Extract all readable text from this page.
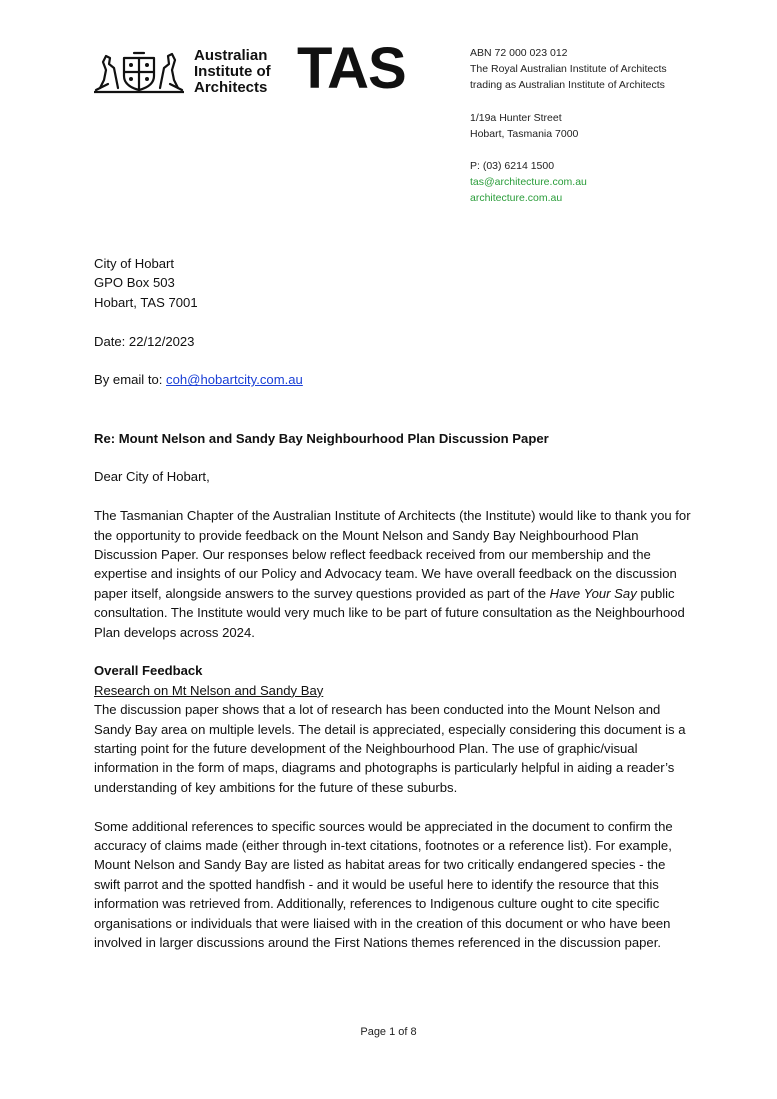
Australian
Institute of
Architects TAS	ABN 72 000 023 012
The Royal Australian Institute of Architects
trading as Australian Institute of Architects
1/19a Hunter Street
Hobart, Tasmania 7000
P: (03) 6214 1500
tas@architecture.com.au
architecture.com.au

City of Hobart

GPO Box 503

Hobart, TAS 7001

Date: 22/12/2023

By email to: coh@hobartcity.com.au

Re: Mount Nelson and Sandy Bay Neighbourhood Plan Discussion Paper

Dear City of Hobart,

The Tasmanian Chapter of the Australian Institute of Architects (the Institute) would like to thank you for the opportunity to provide feedback on the Mount Nelson and Sandy Bay Neighbourhood Plan Discussion Paper. Our responses below reflect feedback received from our membership and the expertise and insights of our Policy and Advocacy team. We have overall feedback on the discussion paper itself, alongside answers to the survey questions provided as part of the Have Your Say public consultation. The Institute would very much like to be part of future consultation as the Neighbourhood Plan develops across 2024.

Overall Feedback

Research on Mt Nelson and Sandy Bay

The discussion paper shows that a lot of research has been conducted into the Mount Nelson and Sandy Bay area on multiple levels. The detail is appreciated, especially considering this document is a starting point for the future development of the Neighbourhood Plan. The use of graphic/visual information in the form of maps, diagrams and photographs is particularly helpful in aiding a reader’s understanding of key ambitions for the future of these suburbs.

Some additional references to specific sources would be appreciated in the document to confirm the accuracy of claims made (either through in-text citations, footnotes or a reference list). For example, Mount Nelson and Sandy Bay are listed as habitat areas for two critically endangered species - the swift parrot and the spotted handfish - and it would be useful here to identify the resource that this information was retrieved from. Additionally, references to Indigenous culture ought to cite specific organisations or individuals that were liaised with in the creation of this document or who have been involved in larger discussions around the First Nations themes referenced in the discussion paper.

Page 1 of 8
